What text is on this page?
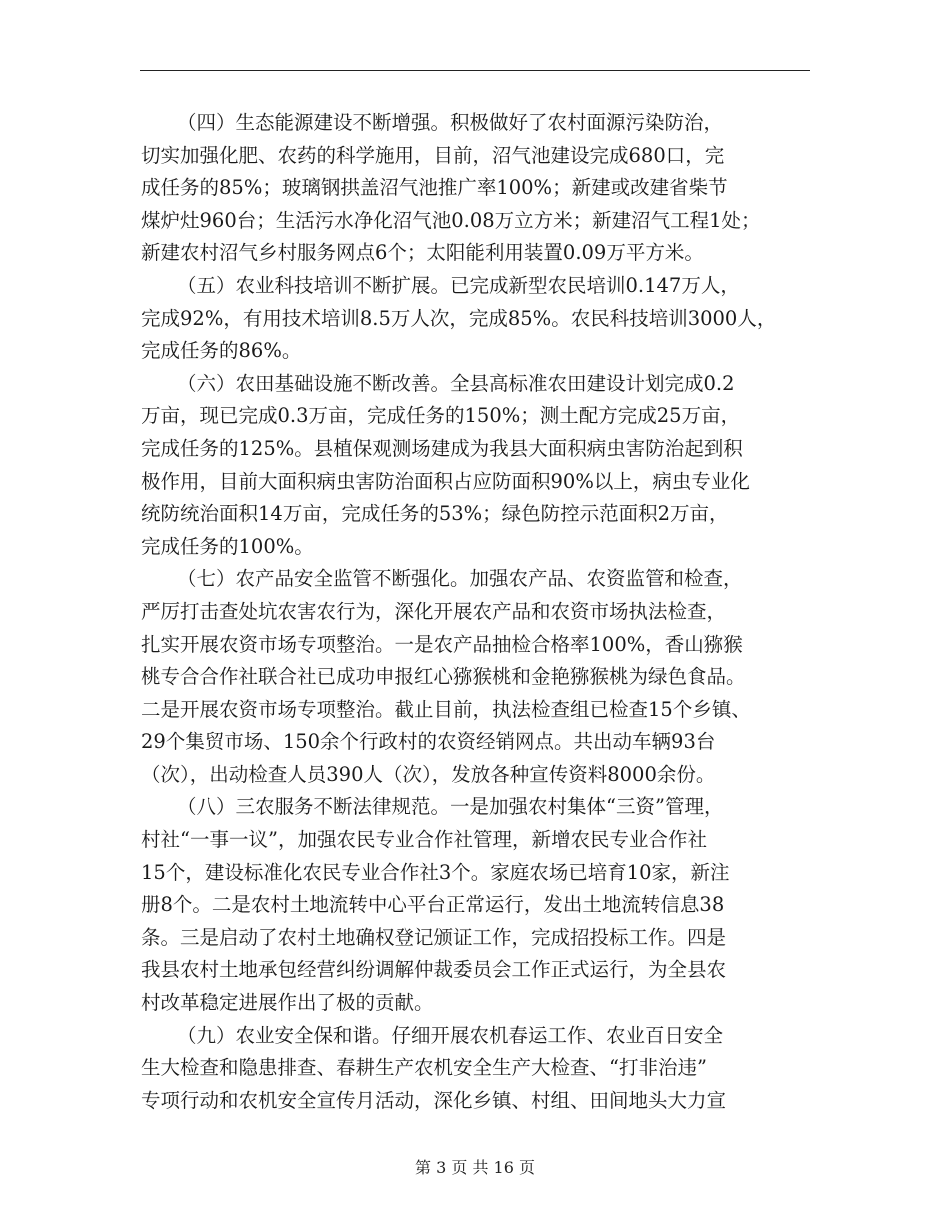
（四）生态能源建设不断增强。积极做好了农村面源污染防治，
切实加强化肥、农药的科学施用，目前，沼气池建设完成680口，完
成任务的85%；玻璃钢拱盖沼气池推广率100%；新建或改建省柴节
煤炉灶960台；生活污水净化沼气池0.08万立方米；新建沼气工程1处；
新建农村沼气乡村服务网点6个；太阳能利用装置0.09万平方米。
（五）农业科技培训不断扩展。已完成新型农民培训0.147万人，
完成92%，有用技术培训8.5万人次，完成85%。农民科技培训3000人，
完成任务的86%。
（六）农田基础设施不断改善。全县高标准农田建设计划完成0.2
万亩，现已完成0.3万亩，完成任务的150%；测土配方完成25万亩，
完成任务的125%。县植保观测场建成为我县大面积病虫害防治起到积
极作用，目前大面积病虫害防治面积占应防面积90%以上，病虫专业化
统防统治面积14万亩，完成任务的53%；绿色防控示范面积2万亩，
完成任务的100%。
（七）农产品安全监管不断强化。加强农产品、农资监管和检查，
严厉打击查处坑农害农行为，深化开展农产品和农资市场执法检查，
扎实开展农资市场专项整治。一是农产品抽检合格率100%，香山猕猴
桃专合合作社联合社已成功申报红心猕猴桃和金艳猕猴桃为绿色食品。
二是开展农资市场专项整治。截止目前，执法检查组已检查15个乡镇、
29个集贸市场、150余个行政村的农资经销网点。共出动车辆93台
（次），出动检查人员390人（次），发放各种宣传资料8000余份。
（八）三农服务不断法律规范。一是加强农村集体“三资”管理，
村社“一事一议”，加强农民专业合作社管理，新增农民专业合作社
15个，建设标准化农民专业合作社3个。家庭农场已培育10家，新注
册8个。二是农村土地流转中心平台正常运行，发出土地流转信息38
条。三是启动了农村土地确权登记颁证工作，完成招投标工作。四是
我县农村土地承包经营纠纷调解仲裁委员会工作正式运行，为全县农
村改革稳定进展作出了极的贡献。
（九）农业安全保和谐。仔细开展农机春运工作、农业百日安全
生大检查和隐患排查、春耕生产农机安全生产大检查、“打非治违”
专项行动和农机安全宣传月活动，深化乡镇、村组、田间地头大力宣
第 3 页 共 16 页
